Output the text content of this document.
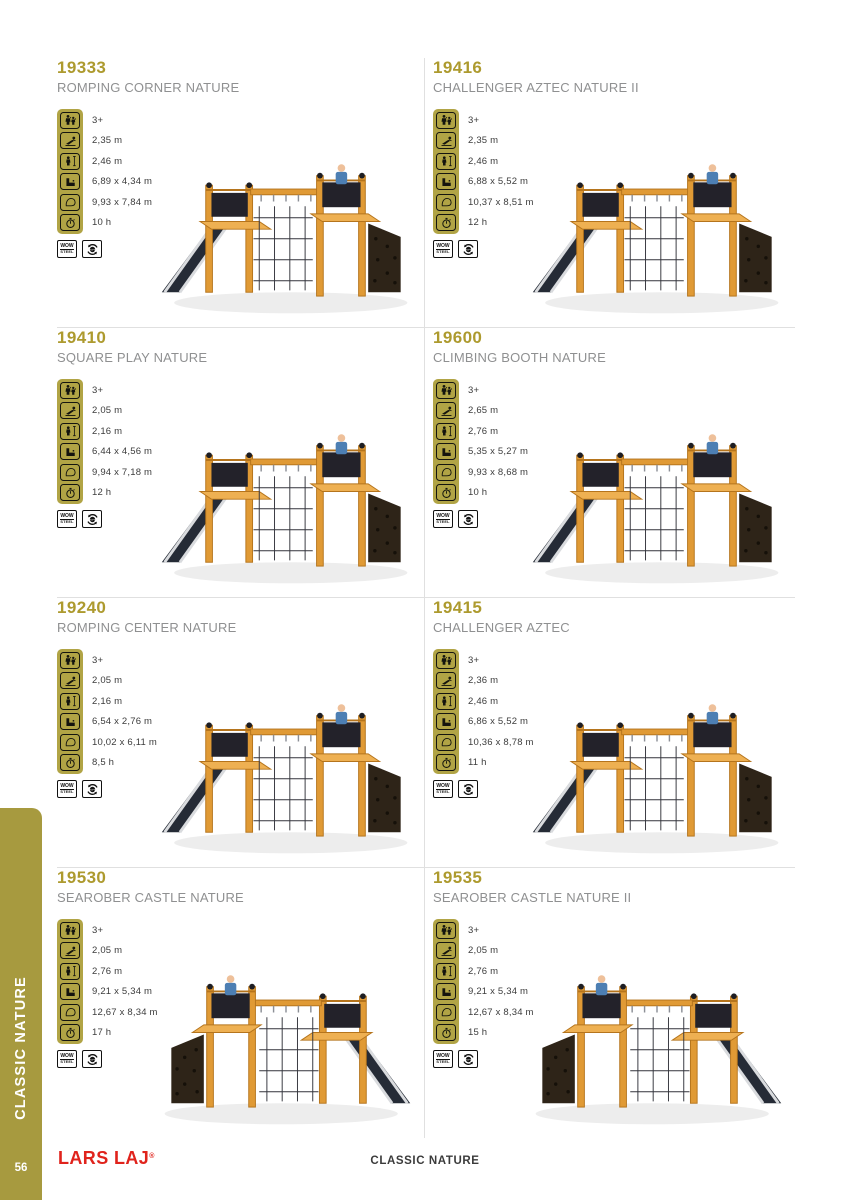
19333
ROMPING CORNER NATURE
3+
2,35 m
2,46 m
6,89 x 4,34 m
9,93 x 7,84 m
10 h
WOW
STEEL	HDPE
19416
CHALLENGER AZTEC NATURE II
3+
2,35 m
2,46 m
6,88 x 5,52 m
10,37 x 8,51 m
12 h
WOW
STEEL	HDPE
19410
SQUARE PLAY NATURE
3+
2,05 m
2,16 m
6,44 x 4,56 m
9,94 x 7,18 m
12 h
WOW
STEEL	HDPE
19600
CLIMBING BOOTH NATURE
3+
2,65 m
2,76 m
5,35 x 5,27 m
9,93 x 8,68 m
10 h
WOW
STEEL	HDPE
19240
ROMPING CENTER NATURE
3+
2,05 m
2,16 m
6,54 x 2,76 m
10,02 x 6,11 m
8,5 h
WOW
STEEL	HDPE
19415
CHALLENGER AZTEC
3+
2,36 m
2,46 m
6,86 x 5,52 m
10,36 x 8,78 m
11 h
WOW
STEEL	HDPE
19530
SEAROBER CASTLE NATURE
3+
2,05 m
2,76 m
9,21 x 5,34 m
12,67 x 8,34 m
17 h
WOW
STEEL	HDPE
19535
SEAROBER CASTLE NATURE II
3+
2,05 m
2,76 m
9,21 x 5,34 m
12,67 x 8,34 m
15 h
WOW
STEEL	HDPE
CLASSIC NATURE
56	LARS LAJ®	CLASSIC NATURE
